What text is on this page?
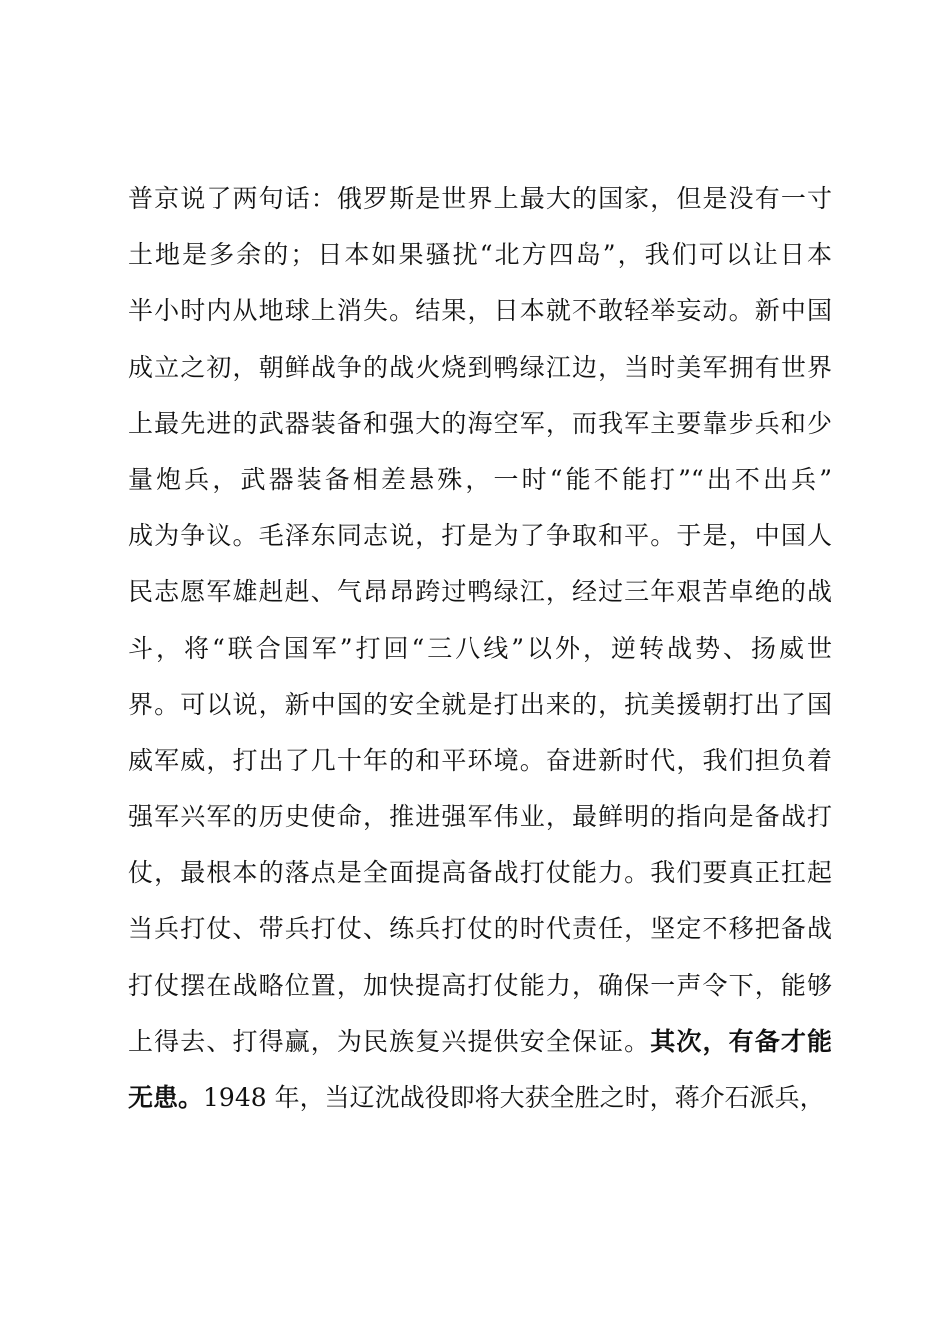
普京说了两句话：俄罗斯是世界上最大的国家，但是没有一寸
土地是多余的；日本如果骚扰“北方四岛”，我们可以让日本
半小时内从地球上消失。结果，日本就不敢轻举妄动。新中国
成立之初，朝鲜战争的战火烧到鸭绿江边，当时美军拥有世界
上最先进的武器装备和强大的海空军，而我军主要靠步兵和少
量炮兵，武器装备相差悬殊，一时“能不能打”“出不出兵”
成为争议。毛泽东同志说，打是为了争取和平。于是，中国人
民志愿军雄赳赳、气昂昂跨过鸭绿江，经过三年艰苦卓绝的战
斗，将“联合国军”打回“三八线”以外，逆转战势、扬威世
界。可以说，新中国的安全就是打出来的，抗美援朝打出了国
威军威，打出了几十年的和平环境。奋进新时代，我们担负着
强军兴军的历史使命，推进强军伟业，最鲜明的指向是备战打
仗，最根本的落点是全面提高备战打仗能力。我们要真正扛起
当兵打仗、带兵打仗、练兵打仗的时代责任，坚定不移把备战
打仗摆在战略位置，加快提高打仗能力，确保一声令下，能够
上得去、打得赢，为民族复兴提供安全保证。其次，有备才能
无患。1948 年，当辽沈战役即将大获全胜之时，蒋介石派兵，
